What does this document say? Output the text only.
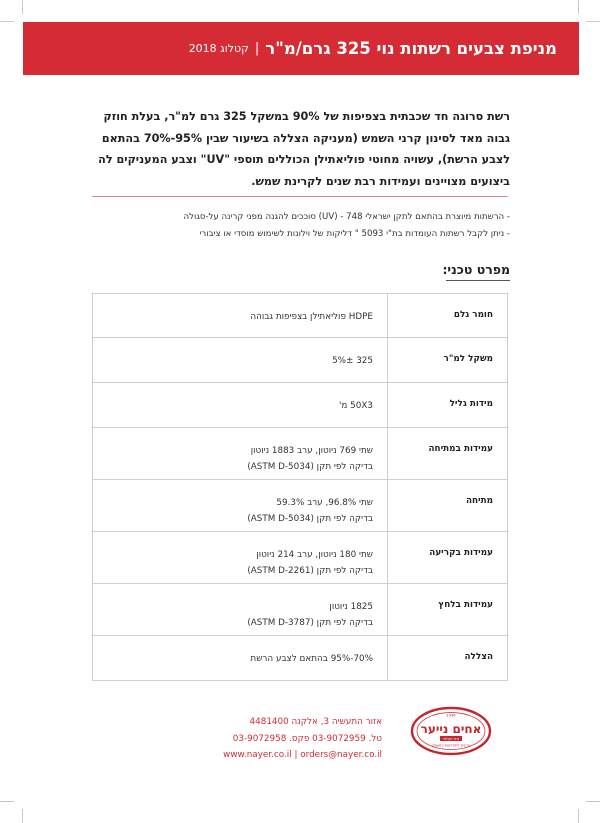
מניפת צבעים רשתות נוי 325 גרם/מ"ר
|
קטלוג 2018
רשת סרוגה חד שכבתית בצפיפות של 90% במשקל 325 גרם למ"ר, בעלת חוזק גבוה מאד לסינון קרני השמש (מעניקה הצללה בשיעור שבין 95%-70% בהתאם לצבע הרשת), עשויה מחוטי פוליאתילן הכוללים תוספי "UV" וצבע המעניקים לה ביצועים מצויינים ועמידות רבת שנים לקרינת שמש.
- הרשתות מיוצרת בהתאם לתקן ישראלי 748 - (UV) סוככים להגנה מפני קרינה על-סגולה
- ניתן לקבל רשתות העומדות בת"י 5093 " דליקות של וילונות לשימוש מוסדי או ציבורי
מפרט טכני:
חומר גלם
HDPE פוליאתילן בצפיפות גבוהה
משקל למ"ר
325 5%±
מידות גליל
50X3 מ'
עמידות במתיחה
שתי 769 ניוטון, ערב 1883 ניוטון
בדיקה לפי תקן (ASTM D-5034)
מתיחה
שתי 96.8%, ערב 59.3%
בדיקה לפי תקן (ASTM D-5034)
עמידות בקריעה
שתי 180 ניוטון, ערב 214 ניוטון
בדיקה לפי תקן (ASTM D-2261)
עמידות בלחץ
1825 ניוטון
בדיקה לפי תקן (ASTM D-3787)
הצללה
70%-95% בהתאם לצבע הרשת
אזור התעשיה 3, אלקנה 4481400
טל. 03-9072959 פקס. 03-9072958
www.nayer.co.il | orders@nayer.co.il
1936
אחים נייער
ציוד חקלאי
אריגים לחקלאות ותעשייה
